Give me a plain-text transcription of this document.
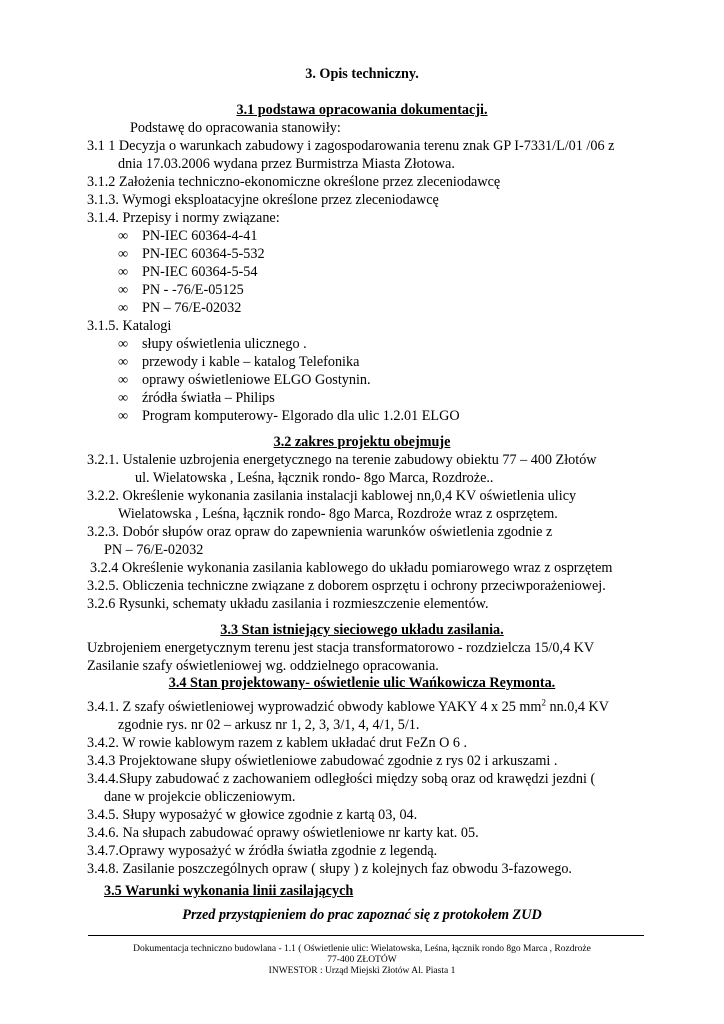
3. Opis techniczny.
3.1 podstawa opracowania dokumentacji.
Podstawę do opracowania stanowiły:
3.1 1 Decyzja o warunkach zabudowy i zagospodarowania terenu znak GP I-7331/L/01 /06 z
dnia 17.03.2006 wydana przez Burmistrza Miasta Złotowa.
3.1.2 Założenia techniczno-ekonomiczne określone przez zleceniodawcę
3.1.3. Wymogi eksploatacyjne określone przez zleceniodawcę
3.1.4. Przepisy i normy związane:
∞ PN-IEC 60364-4-41
∞ PN-IEC 60364-5-532
∞ PN-IEC 60364-5-54
∞ PN - -76/E-05125
∞ PN – 76/E-02032
3.1.5. Katalogi
∞ słupy oświetlenia ulicznego .
∞ przewody i kable – katalog Telefonika
∞ oprawy oświetleniowe ELGO Gostynin.
∞ źródła światła – Philips
∞ Program komputerowy- Elgorado dla ulic 1.2.01 ELGO
3.2 zakres projektu obejmuje
3.2.1. Ustalenie uzbrojenia energetycznego na terenie zabudowy obiektu 77 – 400 Złotów
ul. Wielatowska , Leśna, łącznik rondo- 8go Marca, Rozdroże..
3.2.2. Określenie wykonania zasilania instalacji kablowej nn,0,4 KV oświetlenia ulicy
Wielatowska , Leśna, łącznik rondo- 8go Marca, Rozdroże wraz z osprzętem.
3.2.3. Dobór słupów oraz opraw do zapewnienia warunków oświetlenia zgodnie z
PN – 76/E-02032
3.2.4 Określenie wykonania zasilania kablowego do układu pomiarowego wraz z osprzętem
3.2.5. Obliczenia techniczne związane z doborem osprzętu i ochrony przeciwporażeniowej.
3.2.6 Rysunki, schematy układu zasilania i rozmieszczenie elementów.
3.3 Stan istniejący sieciowego układu zasilania.
Uzbrojeniem energetycznym terenu jest stacja transformatorowo - rozdzielcza 15/0,4 KV
Zasilanie szafy oświetleniowej wg. oddzielnego opracowania.
3.4 Stan projektowany- oświetlenie ulic Wańkowicza Reymonta.
3.4.1. Z szafy oświetleniowej wyprowadzić obwody kablowe YAKY 4 x 25 $mm^2$ nn.0,4 KV
zgodnie rys. nr 02 – arkusz nr 1, 2, 3, 3/1, 4, 4/1, 5/1.
3.4.2. W rowie kablowym razem z kablem układać drut FeZn O 6 .
3.4.3 Projektowane słupy oświetleniowe zabudować zgodnie z rys 02 i arkuszami .
3.4.4.Słupy zabudować z zachowaniem odległości między sobą oraz od krawędzi jezdni (
dane w projekcie obliczeniowym.
3.4.5. Słupy wyposażyć w głowice zgodnie z kartą 03, 04.
3.4.6. Na słupach zabudować oprawy oświetleniowe nr karty kat. 05.
3.4.7.Oprawy wyposażyć w źródła światła zgodnie z legendą.
3.4.8. Zasilanie poszczególnych opraw ( słupy ) z kolejnych faz obwodu 3-fazowego.
3.5 Warunki wykonania linii zasilających
Przed przystąpieniem do prac zapoznać się z protokołem ZUD
Dokumentacja techniczno budowlana - 1.1 ( Oświetlenie ulic: Wielatowska, Leśna, łącznik rondo 8go Marca , Rozdroże
77-400 ZŁOTÓW
INWESTOR : Urząd Miejski Złotów Al. Piasta 1
